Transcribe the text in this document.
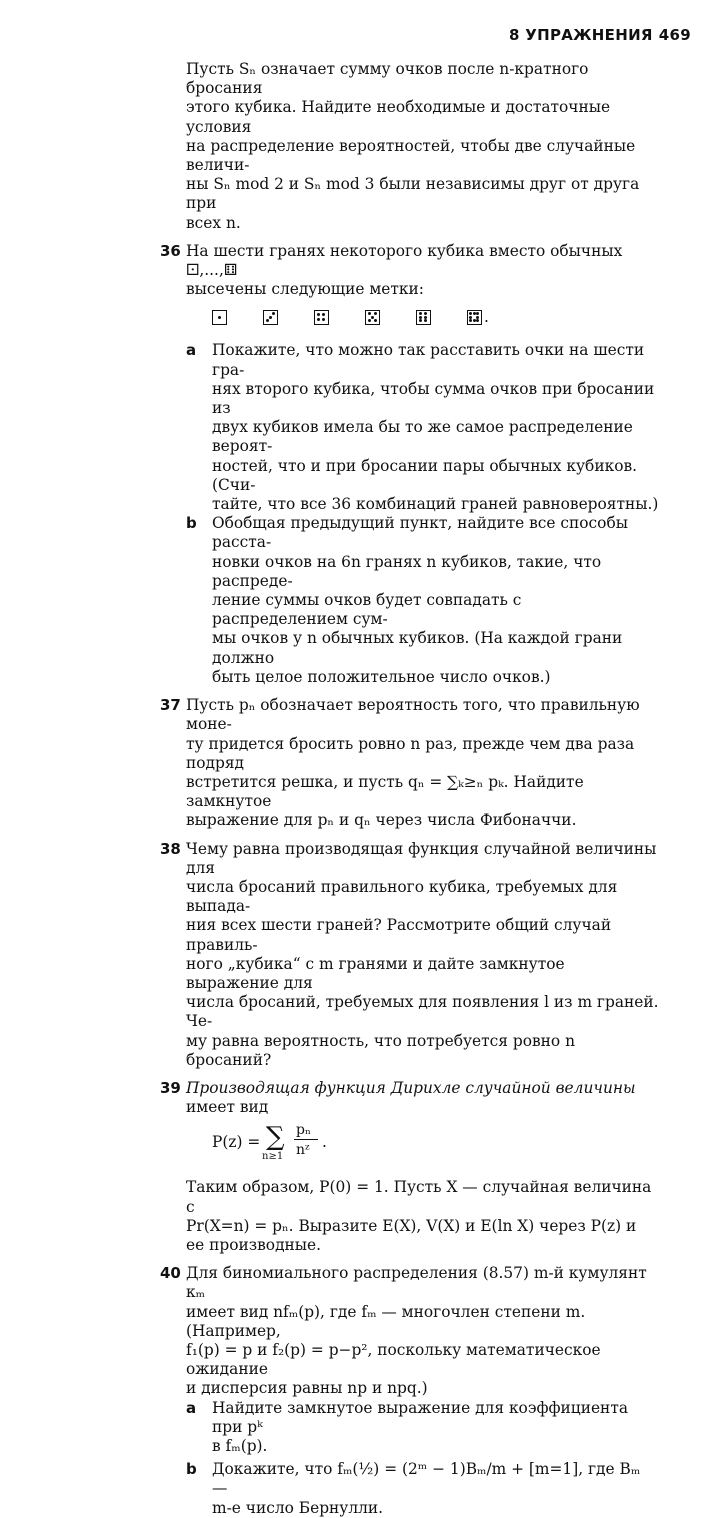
8 УПРАЖНЕНИЯ 469
Пусть Sₙ означает сумму очков после n-кратного бросания
этого кубика. Найдите необходимые и достаточные условия
на распределение вероятностей, чтобы две случайные величи-
ны Sₙ mod 2 и Sₙ mod 3 были независимы друг от друга при
всех n.
36 На шести гранях некоторого кубика вместо обычных ⚀,...,⚅
высечены следующие метки:
.
a Покажите, что можно так расставить очки на шести гра-
нях второго кубика, чтобы сумма очков при бросании из
двух кубиков имела бы то же самое распределение вероят-
ностей, что и при бросании пары обычных кубиков. (Счи-
тайте, что все 36 комбинаций граней равновероятны.)
b Обобщая предыдущий пункт, найдите все способы расста-
новки очков на 6n гранях n кубиков, такие, что распреде-
ление суммы очков будет совпадать с распределением сум-
мы очков у n обычных кубиков. (На каждой грани должно
быть целое положительное число очков.)
37 Пусть pₙ обозначает вероятность того, что правильную моне-
ту придется бросить ровно n раз, прежде чем два раза подряд
встретится решка, и пусть qₙ = ∑ₖ≥ₙ pₖ. Найдите замкнутое
выражение для pₙ и qₙ через числа Фибоначчи.
38 Чему равна производящая функция случайной величины для
числа бросаний правильного кубика, требуемых для выпада-
ния всех шести граней? Рассмотрите общий случай правиль-
ного „кубика“ с m гранями и дайте замкнутое выражение для
числа бросаний, требуемых для появления l из m граней. Че-
му равна вероятность, что потребуется ровно n бросаний?
39 Производящая функция Дирихле случайной величины
имеет вид
P(z) = ∑
n≥1
pₙ
nᶻ .
Таким образом, P(0) = 1. Пусть X — случайная величина с
Pr(X=n) = pₙ. Выразите E(X), V(X) и E(ln X) через P(z) и
ее производные.
40 Для биномиального распределения (8.57) m-й кумулянт κₘ
имеет вид nfₘ(p), где fₘ — многочлен степени m. (Например,
f₁(p) = p и f₂(p) = p−p², поскольку математическое ожидание
и дисперсия равны np и npq.)
a Найдите замкнутое выражение для коэффициента при pᵏ
в fₘ(p).
b Докажите, что fₘ(½) = (2ᵐ − 1)Bₘ/m + [m=1], где Bₘ —
m-е число Бернулли.
